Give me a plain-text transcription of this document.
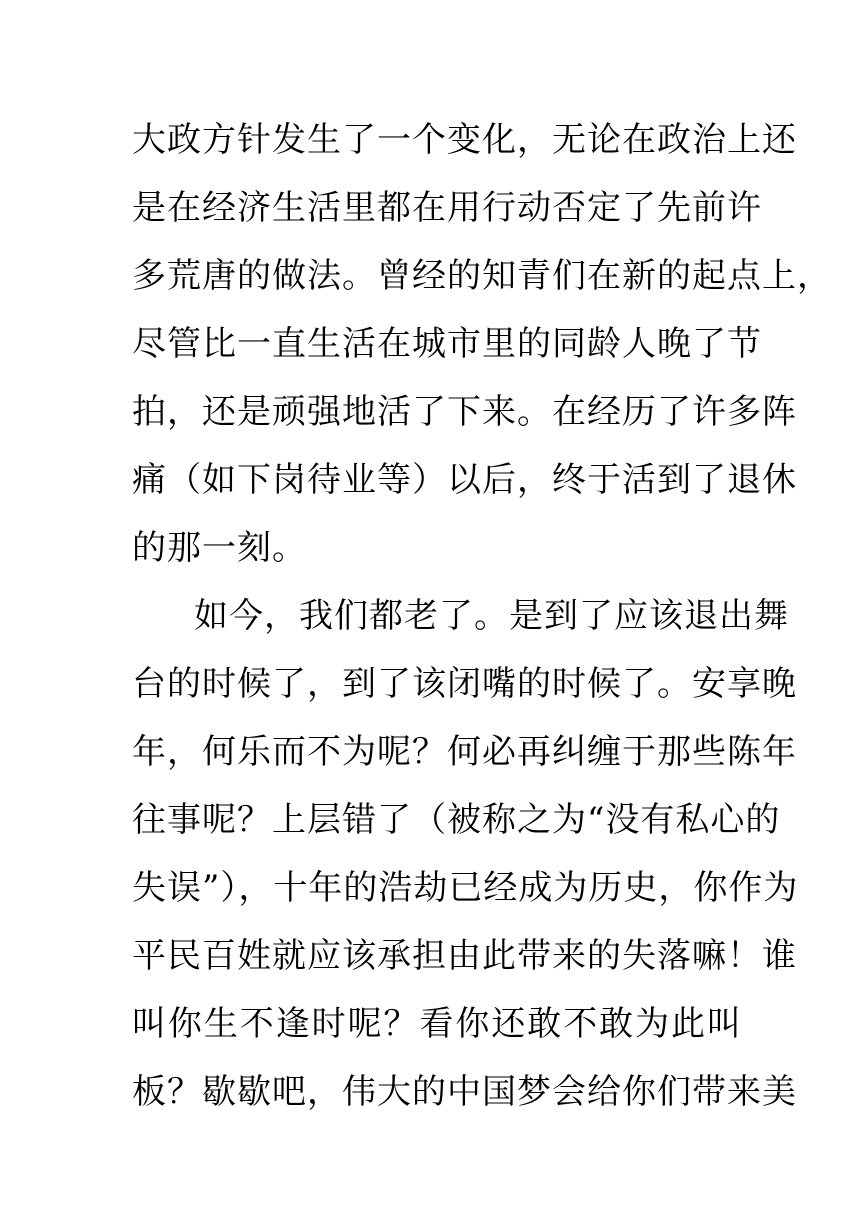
大政方针发生了一个变化，无论在政治上还
是在经济生活里都在用行动否定了先前许
多荒唐的做法。曾经的知青们在新的起点上，
尽管比一直生活在城市里的同龄人晚了节
拍，还是顽强地活了下来。在经历了许多阵
痛（如下岗待业等）以后，终于活到了退休
的那一刻。
如今，我们都老了。是到了应该退出舞
台的时候了，到了该闭嘴的时候了。安享晚
年，何乐而不为呢？何必再纠缠于那些陈年
往事呢？上层错了（被称之为“没有私心的
失误”），十年的浩劫已经成为历史，你作为
平民百姓就应该承担由此带来的失落嘛！谁
叫你生不逢时呢？看你还敢不敢为此叫
板？歇歇吧，伟大的中国梦会给你们带来美
